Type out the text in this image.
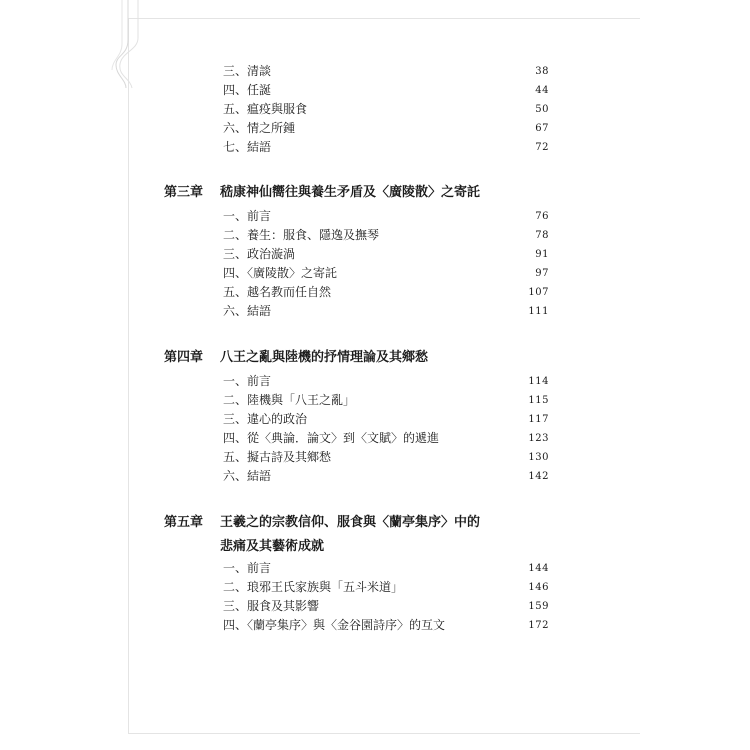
三、清談	38
四、任誕	44
五、瘟疫與服食	50
六、情之所鍾	67
七、結語	72
第三章 嵇康神仙嚮往與養生矛盾及〈廣陵散〉之寄託
一、前言	76
二、養生：服食、隱逸及撫琴	78
三、政治漩渦	91
四、〈廣陵散〉之寄託	97
五、越名教而任自然	107
六、結語	111
第四章 八王之亂與陸機的抒情理論及其鄉愁
一、前言	114
二、陸機與「八王之亂」	115
三、違心的政治	117
四、從〈典論．論文〉到〈文賦〉的遞進	123
五、擬古詩及其鄉愁	130
六、結語	142
第五章 王羲之的宗教信仰、服食與〈蘭亭集序〉中的
悲痛及其藝術成就
一、前言	144
二、琅邪王氏家族與「五斗米道」	146
三、服食及其影響	159
四、〈蘭亭集序〉與〈金谷園詩序〉的互文	172
